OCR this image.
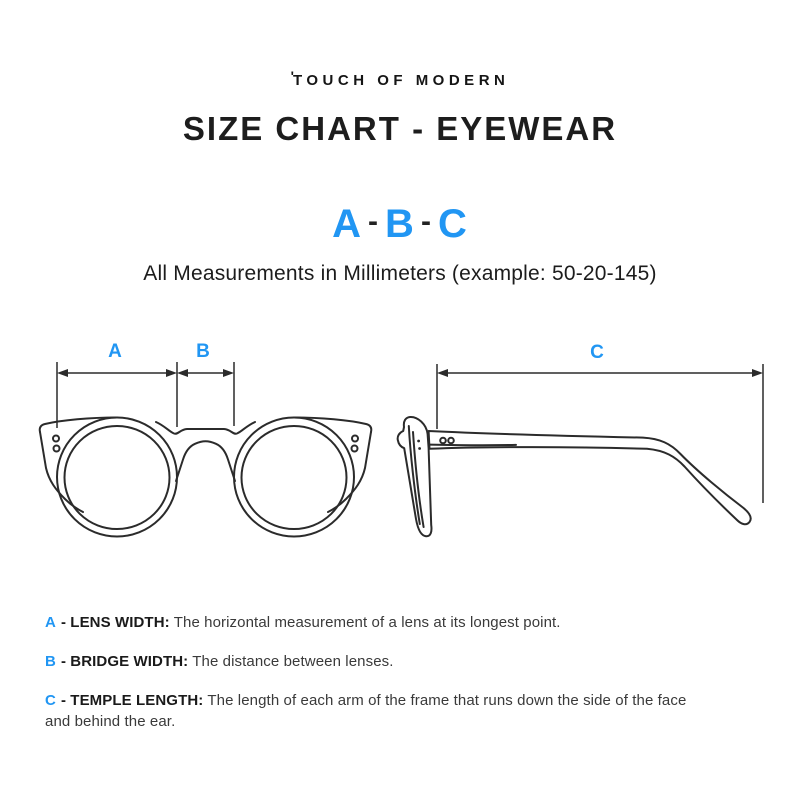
'TOUCH OF MODERN
SIZE CHART - EYEWEAR
A - B - C
All Measurements in Millimeters (example: 50-20-145)
A	B	C

A - LENS WIDTH: The horizontal measurement of a lens at its longest point.

B - BRIDGE WIDTH: The distance between lenses.

C - TEMPLE LENGTH: The length of each arm of the frame that runs down the side of the face and behind the ear.
